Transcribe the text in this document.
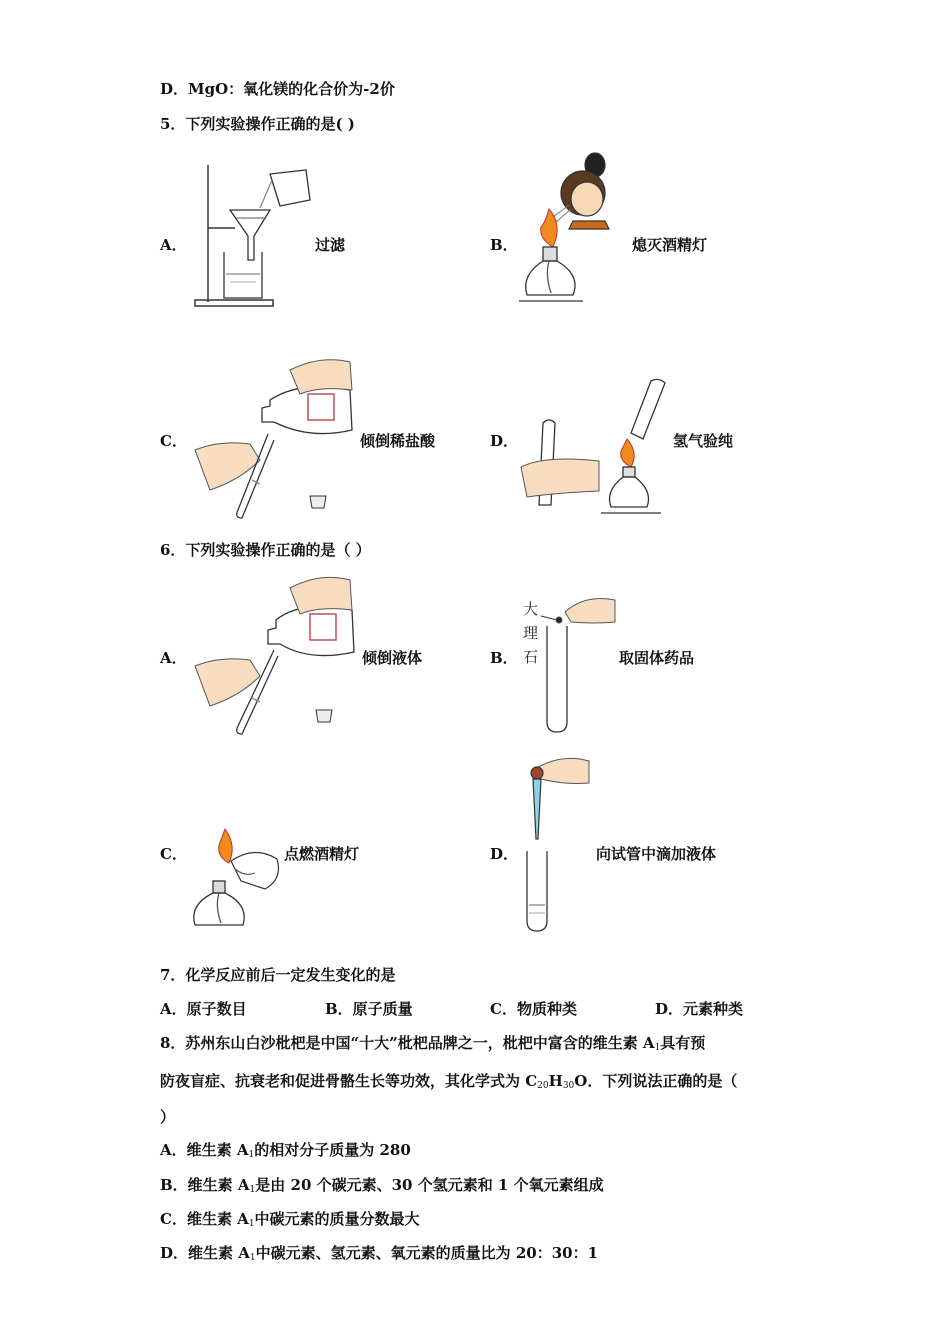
D．MgO：氧化镁的化合价为-2价
5．下列实验操作正确的是( )
A．	过滤	B．	熄灭酒精灯
C．	倾倒稀盐酸	D．	氢气验纯
6．下列实验操作正确的是（ ）
A．	倾倒液体	B．	取固体药品
大
理
石
C．	点燃酒精灯	D．	向试管中滴加液体
7．化学反应前后一定发生变化的是
A．原子数目	B．原子质量	C．物质种类	D．元素种类
8．苏州东山白沙枇杷是中国“十大”枇杷品牌之一，枇杷中富含的维生素 $A_1$具有预
防夜盲症、抗衰老和促进骨骼生长等功效，其化学式为 $C_{20}H_{30}O$．下列说法正确的是（
）
A．维生素 $A_1$的相对分子质量为 280
B．维生素 $A_1$是由 20 个碳元素、30 个氢元素和 1 个氧元素组成
C．维生素 $A_1$中碳元素的质量分数最大
D．维生素 $A_1$中碳元素、氢元素、氧元素的质量比为 20：30：1
